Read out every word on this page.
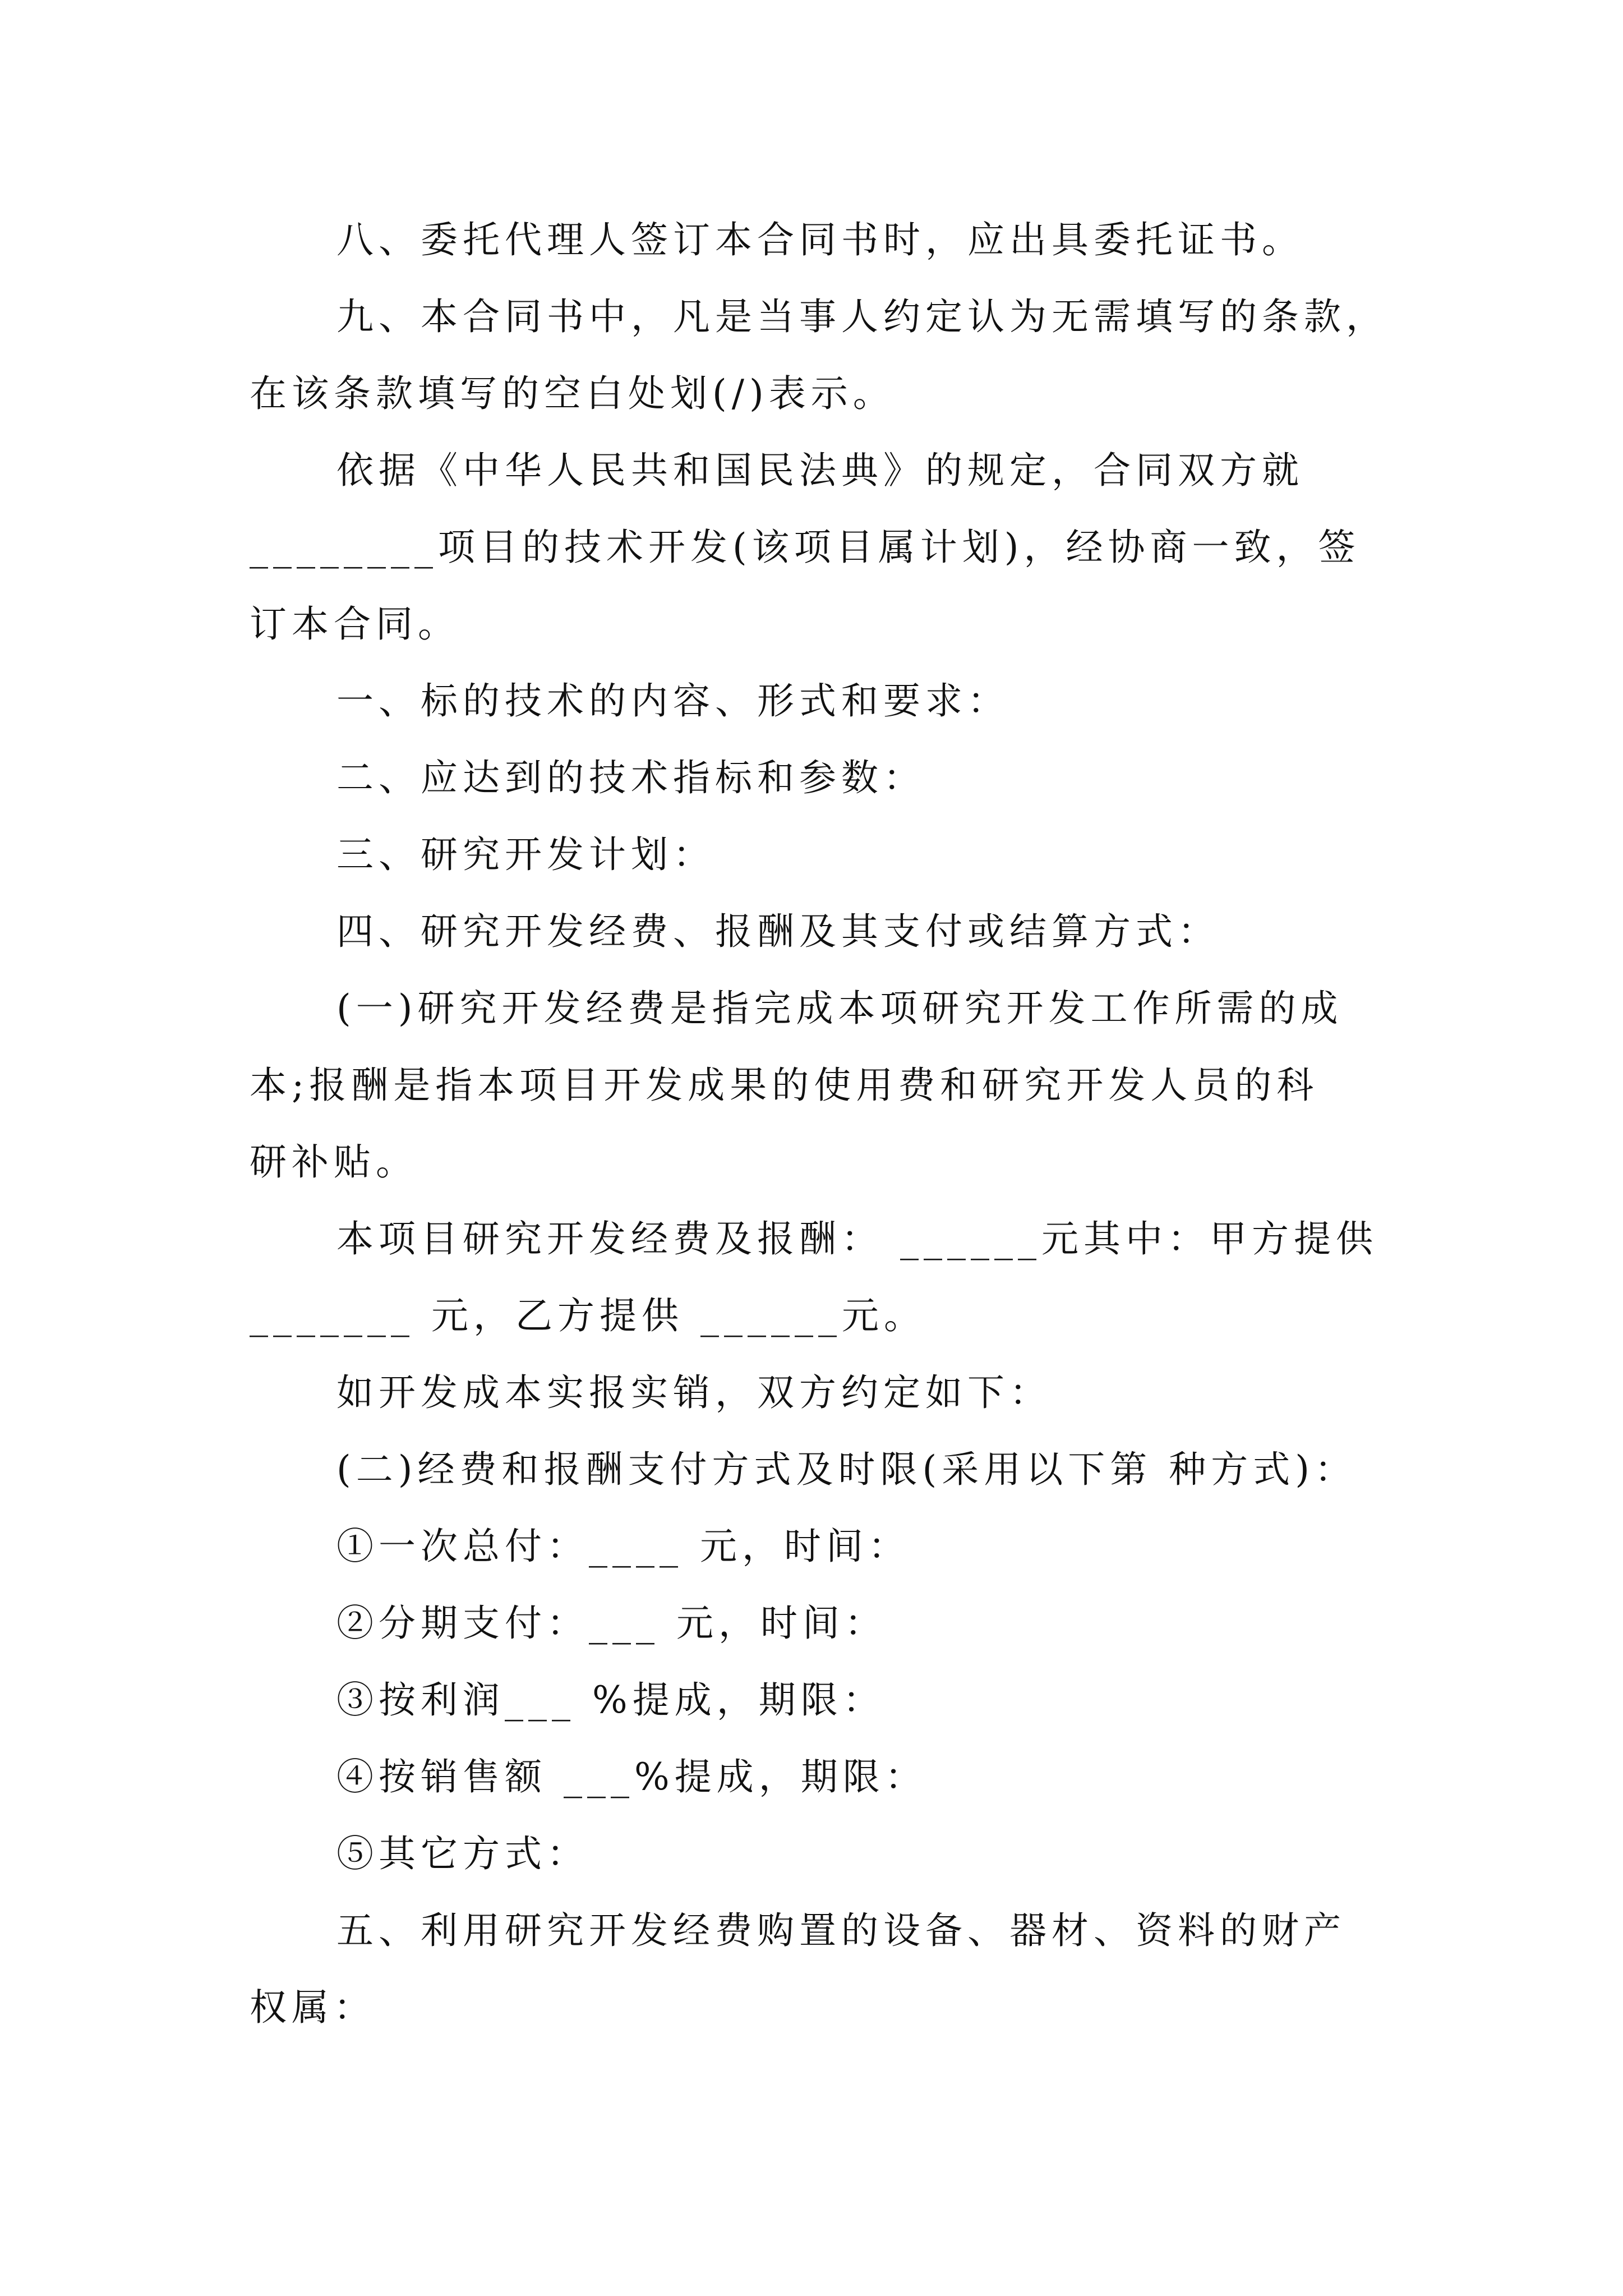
八、委托代理人签订本合同书时，应出具委托证书。
九、本合同书中，凡是当事人约定认为无需填写的条款，
在该条款填写的空白处划(/)表示。
依据《中华人民共和国民法典》的规定，合同双方就
________项目的技术开发(该项目属计划)，经协商一致，签
订本合同。
一、标的技术的内容、形式和要求：
二、应达到的技术指标和参数：
三、研究开发计划：
四、研究开发经费、报酬及其支付或结算方式：
(一)研究开发经费是指完成本项研究开发工作所需的成
本;报酬是指本项目开发成果的使用费和研究开发人员的科
研补贴。
本项目研究开发经费及报酬： ______元其中：甲方提供
_______ 元，乙方提供 ______元。
如开发成本实报实销，双方约定如下：
(二)经费和报酬支付方式及时限(采用以下第 种方式)：
①一次总付：____ 元，时间：
②分期支付：___ 元，时间：
③按利润___ %提成，期限：
④按销售额 ___%提成，期限：
⑤其它方式：
五、利用研究开发经费购置的设备、器材、资料的财产
权属：
